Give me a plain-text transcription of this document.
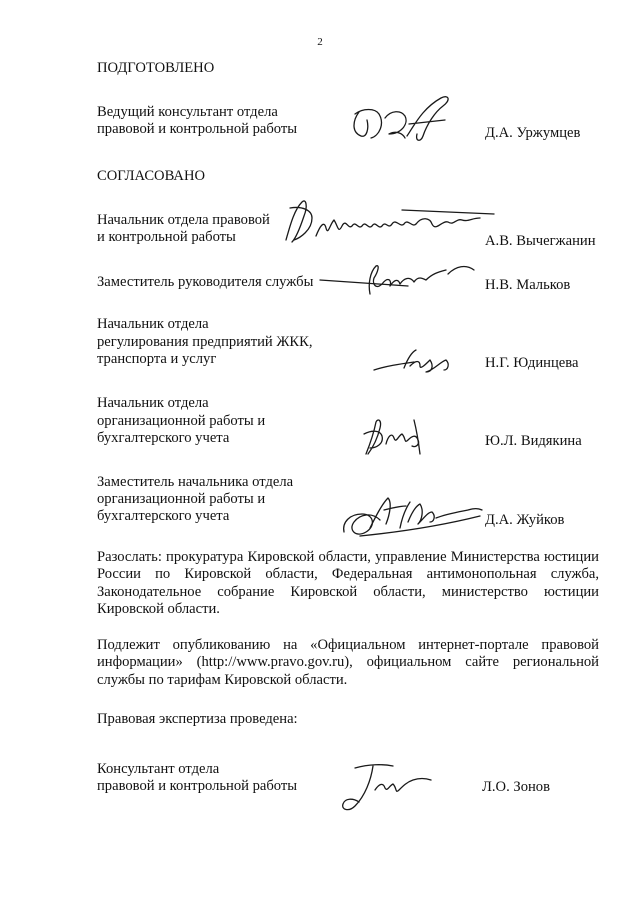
2
ПОДГОТОВЛЕНО
Ведущий консультант отдела
правовой и контрольной работы	Д.А. Уржумцев
СОГЛАСОВАНО
Начальник отдела правовой
и контрольной работы	А.В. Вычегжанин
Заместитель руководителя службы	Н.В. Мальков
Начальник отдела
регулирования предприятий ЖКК,
транспорта и услуг	Н.Г. Юдинцева
Начальник отдела
организационной работы и
бухгалтерского учета	Ю.Л. Видякина
Заместитель начальника отдела
организационной работы и
бухгалтерского учета	Д.А. Жуйков
Разослать: прокуратура Кировской области, управление Министерства юстиции России по Кировской области, Федеральная антимонопольная служба, Законодательное собрание Кировской области, министерство юстиции Кировской области.
Подлежит опубликованию на «Официальном интернет-портале правовой информации» (http://www.pravo.gov.ru), официальном сайте региональной службы по тарифам Кировской области.
Правовая экспертиза проведена:
Консультант отдела
правовой и контрольной работы	Л.О. Зонов
